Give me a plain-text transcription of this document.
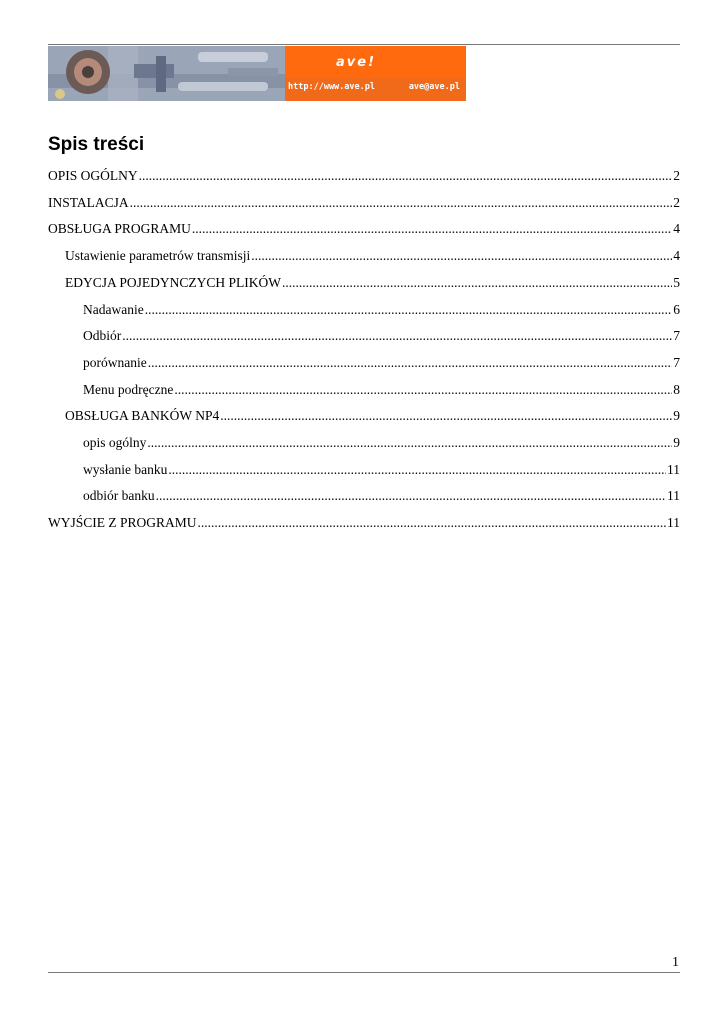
ave!
http://www.ave.pl	ave@ave.pl
Spis treści
OPIS OGÓLNY .....	2
INSTALACJA .....	2
OBSŁUGA PROGRAMU .....	4
Ustawienie parametrów transmisji .....	4
EDYCJA POJEDYNCZYCH PLIKÓW .....	5
Nadawanie .....	6
Odbiór .....	7
porównanie .....	7
Menu podręczne .....	8
OBSŁUGA BANKÓW NP4 .....	9
opis ogólny .....	9
wysłanie banku .....	11
odbiór banku .....	11
WYJŚCIE Z PROGRAMU .....	11
1
